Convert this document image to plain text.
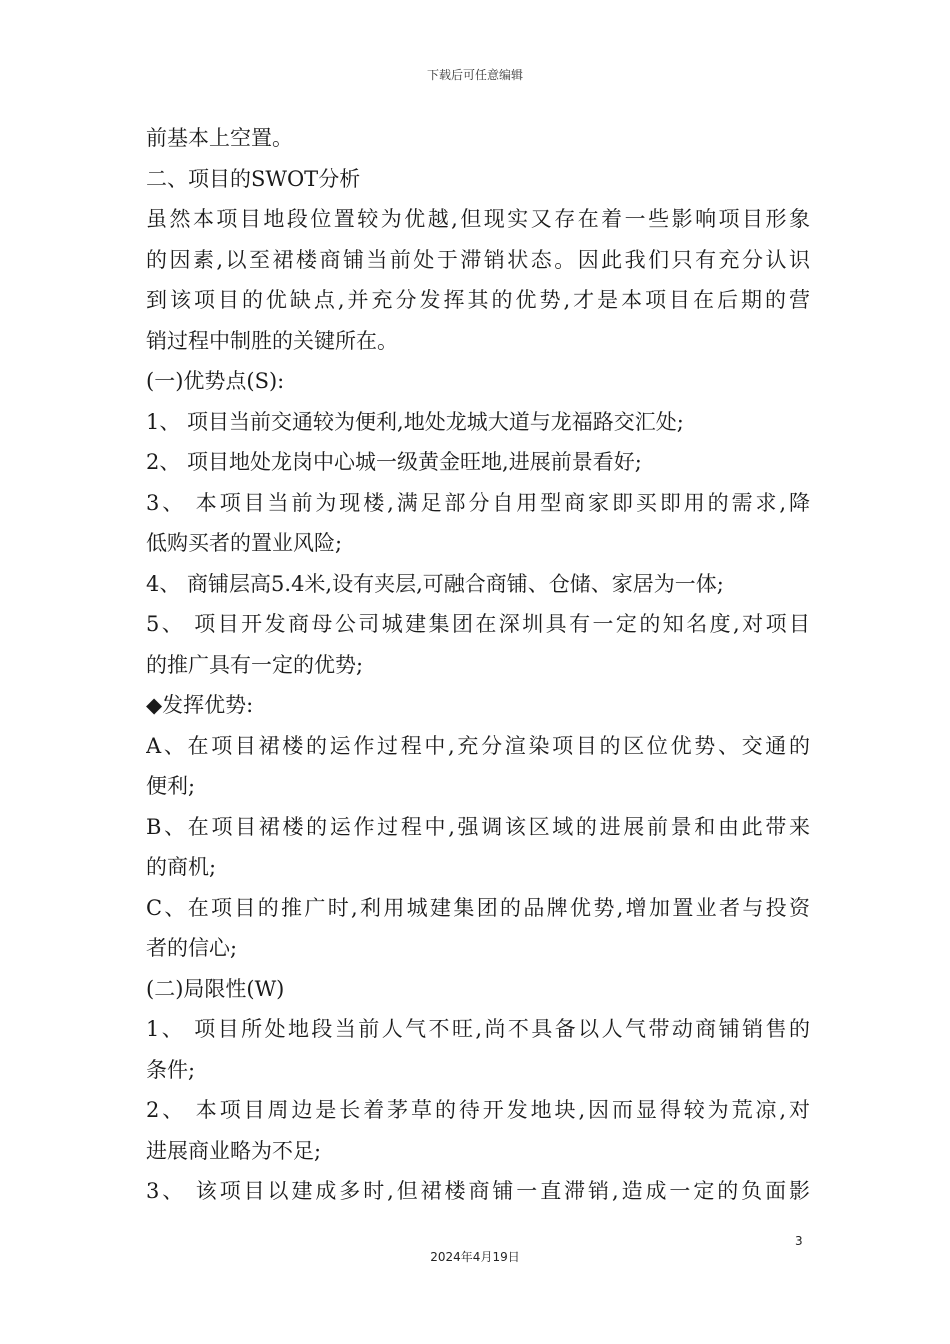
下载后可任意编辑
前基本上空置。
二、项目的SWOT分析
虽然本项目地段位置较为优越,但现实又存在着一些影响项目形象
的因素,以至裙楼商铺当前处于滞销状态。因此我们只有充分认识
到该项目的优缺点,并充分发挥其的优势,才是本项目在后期的营
销过程中制胜的关键所在。
(一)优势点(S):
1、 项目当前交通较为便利,地处龙城大道与龙福路交汇处;
2、 项目地处龙岗中心城一级黄金旺地,进展前景看好;
3、 本项目当前为现楼,满足部分自用型商家即买即用的需求,降
低购买者的置业风险;
4、 商铺层高5.4米,设有夹层,可融合商铺、仓储、家居为一体;
5、 项目开发商母公司城建集团在深圳具有一定的知名度,对项目
的推广具有一定的优势;
◆发挥优势:
A、在项目裙楼的运作过程中,充分渲染项目的区位优势、交通的
便利;
B、在项目裙楼的运作过程中,强调该区域的进展前景和由此带来
的商机;
C、在项目的推广时,利用城建集团的品牌优势,增加置业者与投资
者的信心;
(二)局限性(W)
1、 项目所处地段当前人气不旺,尚不具备以人气带动商铺销售的
条件;
2、 本项目周边是长着茅草的待开发地块,因而显得较为荒凉,对
进展商业略为不足;
3、 该项目以建成多时,但裙楼商铺一直滞销,造成一定的负面影
3
2024年4月19日
